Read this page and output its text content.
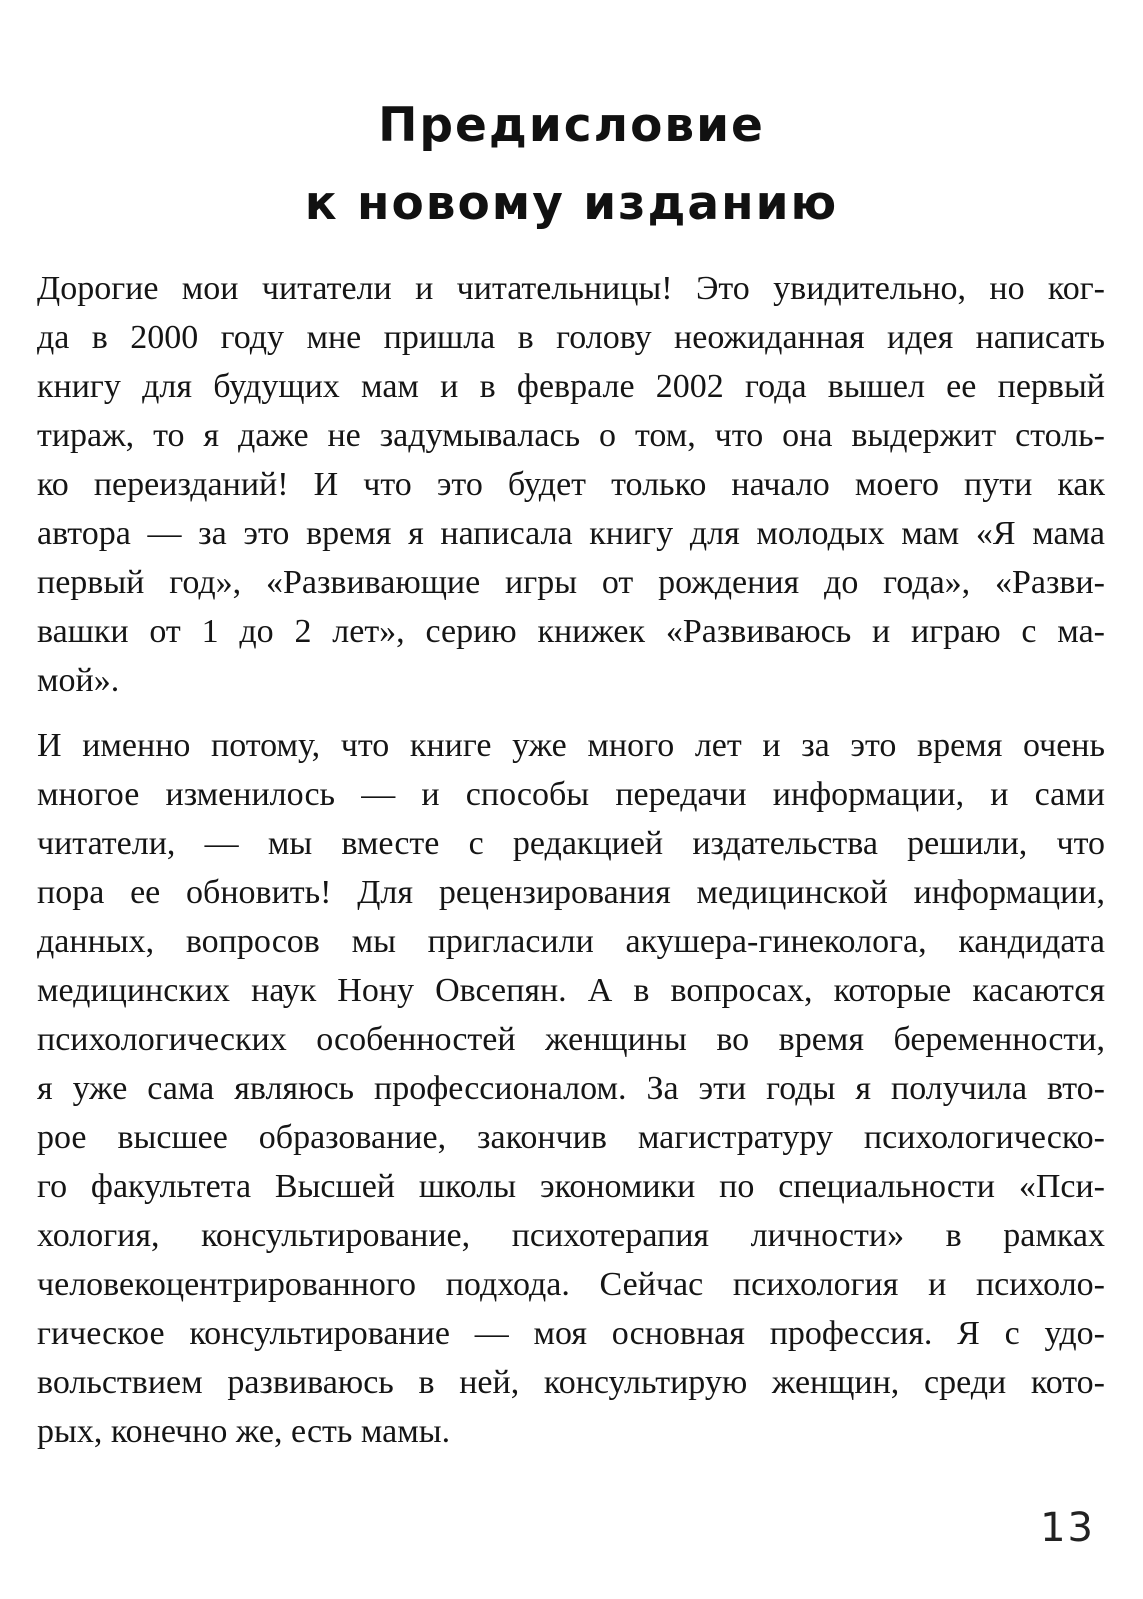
Предисловие
к новому изданию

Дорогие мои читатели и читательницы! Это увидительно, но ког-
да в 2000 году мне пришла в голову неожиданная идея написать
книгу для будущих мам и в феврале 2002 года вышел ее первый
тираж, то я даже не задумывалась о том, что она выдержит столь-
ко переизданий! И что это будет только начало моего пути как
автора — за это время я написала книгу для молодых мам «Я мама
первый год», «Развивающие игры от рождения до года», «Разви-
вашки от 1 до 2 лет», серию книжек «Развиваюсь и играю с ма-
мой».

И именно потому, что книге уже много лет и за это время очень
многое изменилось — и способы передачи информации, и сами
читатели, — мы вместе с редакцией издательства решили, что
пора ее обновить! Для рецензирования медицинской информации,
данных, вопросов мы пригласили акушера-гинеколога, кандидата
медицинских наук Нону Овсепян. А в вопросах, которые касаются
психологических особенностей женщины во время беременности,
я уже сама являюсь профессионалом. За эти годы я получила вто-
рое высшее образование, закончив магистратуру психологическо-
го факультета Высшей школы экономики по специальности «Пси-
хология, консультирование, психотерапия личности» в рамках
человекоцентрированного подхода. Сейчас психология и психоло-
гическое консультирование — моя основная профессия. Я с удо-
вольствием развиваюсь в ней, консультирую женщин, среди кото-
рых, конечно же, есть мамы.

13
